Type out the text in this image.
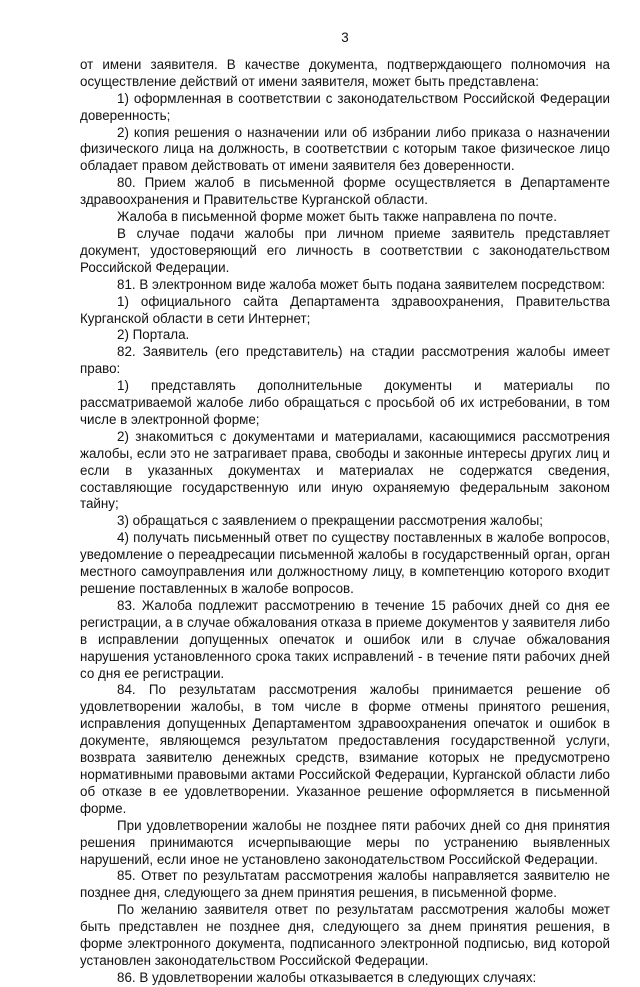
3

от имени заявителя. В качестве документа, подтверждающего полномочия на осуществление действий от имени заявителя, может быть представлена:

1) оформленная в соответствии с законодательством Российской Федерации доверенность;

2) копия решения о назначении или об избрании либо приказа о назначении физического лица на должность, в соответствии с которым такое физическое лицо обладает правом действовать от имени заявителя без доверенности.

80. Прием жалоб в письменной форме осуществляется в Департаменте здравоохранения и Правительстве Курганской области.

Жалоба в письменной форме может быть также направлена по почте.

В случае подачи жалобы при личном приеме заявитель представляет документ, удостоверяющий его личность в соответствии с законодательством Российской Федерации.

81. В электронном виде жалоба может быть подана заявителем посредством:

1) официального сайта Департамента здравоохранения, Правительства Курганской области в сети Интернет;

2) Портала.

82. Заявитель (его представитель) на стадии рассмотрения жалобы имеет право:

1) представлять дополнительные документы и материалы по рассматриваемой жалобе либо обращаться с просьбой об их истребовании, в том числе в электронной форме;

2) знакомиться с документами и материалами, касающимися рассмотрения жалобы, если это не затрагивает права, свободы и законные интересы других лиц и если в указанных документах и материалах не содержатся сведения, составляющие государственную или иную охраняемую федеральным законом тайну;

3) обращаться с заявлением о прекращении рассмотрения жалобы;

4) получать письменный ответ по существу поставленных в жалобе вопросов, уведомление о переадресации письменной жалобы в государственный орган, орган местного самоуправления или должностному лицу, в компетенцию которого входит решение поставленных в жалобе вопросов.

83. Жалоба подлежит рассмотрению в течение 15 рабочих дней со дня ее регистрации, а в случае обжалования отказа в приеме документов у заявителя либо в исправлении допущенных опечаток и ошибок или в случае обжалования нарушения установленного срока таких исправлений - в течение пяти рабочих дней со дня ее регистрации.

84. По результатам рассмотрения жалобы принимается решение об удовлетворении жалобы, в том числе в форме отмены принятого решения, исправления допущенных Департаментом здравоохранения опечаток и ошибок в документе, являющемся результатом предоставления государственной услуги, возврата заявителю денежных средств, взимание которых не предусмотрено нормативными правовыми актами Российской Федерации, Курганской области либо об отказе в ее удовлетворении. Указанное решение оформляется в письменной форме.

При удовлетворении жалобы не позднее пяти рабочих дней со дня принятия решения принимаются исчерпывающие меры по устранению выявленных нарушений, если иное не установлено законодательством Российской Федерации.

85. Ответ по результатам рассмотрения жалобы направляется заявителю не позднее дня, следующего за днем принятия решения, в письменной форме.

По желанию заявителя ответ по результатам рассмотрения жалобы может быть представлен не позднее дня, следующего за днем принятия решения, в форме электронного документа, подписанного электронной подписью, вид которой установлен законодательством Российской Федерации.

86. В удовлетворении жалобы отказывается в следующих случаях:
